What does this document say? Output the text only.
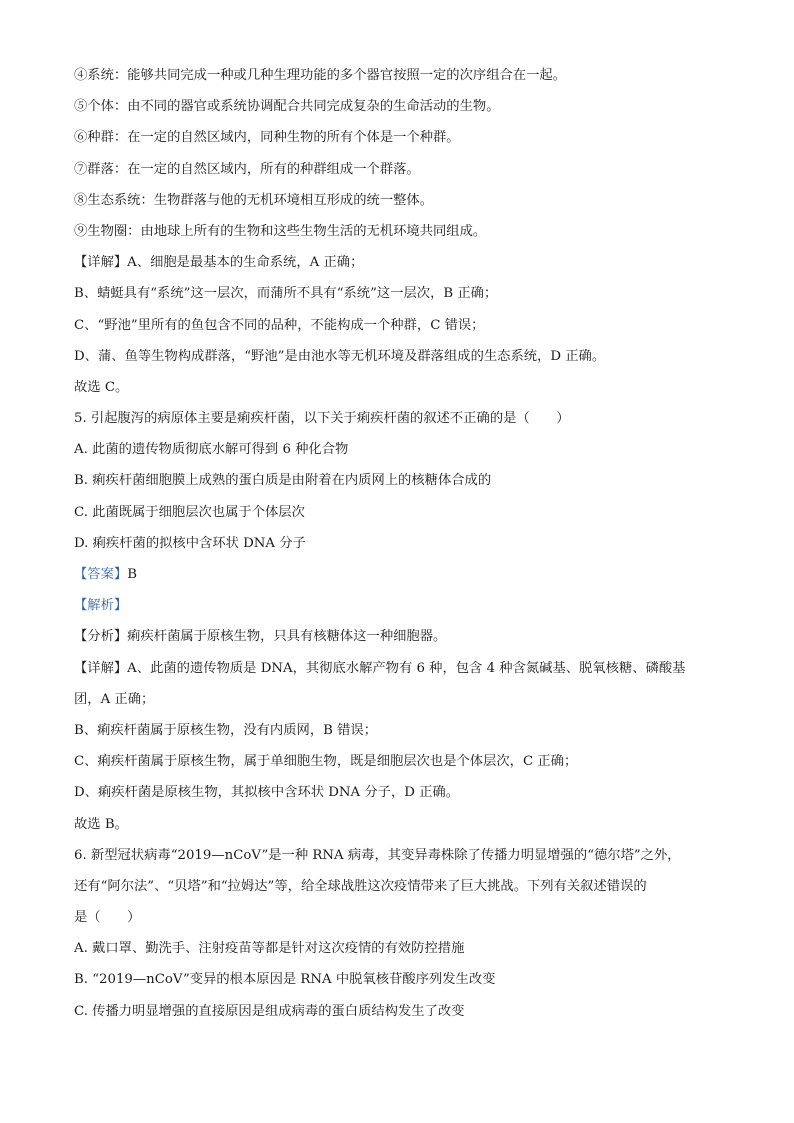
④系统：能够共同完成一种或几种生理功能的多个器官按照一定的次序组合在一起。
⑤个体：由不同的器官或系统协调配合共同完成复杂的生命活动的生物。
⑥种群：在一定的自然区域内，同种生物的所有个体是一个种群。
⑦群落：在一定的自然区域内，所有的种群组成一个群落。
⑧生态系统：生物群落与他的无机环境相互形成的统一整体。
⑨生物圈：由地球上所有的生物和这些生物生活的无机环境共同组成。
【详解】A、细胞是最基本的生命系统，A 正确；
B、蜻蜓具有“系统”这一层次，而蒲所不具有“系统”这一层次，B 正确；
C、“野池”里所有的鱼包含不同的品种，不能构成一个种群，C 错误；
D、蒲、鱼等生物构成群落，“野池”是由池水等无机环境及群落组成的生态系统，D 正确。
故选 C。
5. 引起腹泻的病原体主要是痢疾杆菌，以下关于痢疾杆菌的叙述不正确的是（　　）
A. 此菌的遗传物质彻底水解可得到 6 种化合物
B. 痢疾杆菌细胞膜上成熟的蛋白质是由附着在内质网上的核糖体合成的
C. 此菌既属于细胞层次也属于个体层次
D. 痢疾杆菌的拟核中含环状 DNA 分子
【答案】B
【解析】
【分析】痢疾杆菌属于原核生物，只具有核糖体这一种细胞器。
【详解】A、此菌的遗传物质是 DNA，其彻底水解产物有 6 种，包含 4 种含氮碱基、脱氧核糖、磷酸基
团，A 正确；
B、痢疾杆菌属于原核生物，没有内质网，B 错误；
C、痢疾杆菌属于原核生物，属于单细胞生物，既是细胞层次也是个体层次，C 正确；
D、痢疾杆菌是原核生物，其拟核中含环状 DNA 分子，D 正确。
故选 B。
6. 新型冠状病毒“2019—nCoV”是一种 RNA 病毒，其变异毒株除了传播力明显增强的“德尔塔”之外，
还有“阿尔法”、“贝塔”和“拉姆达”等，给全球战胜这次疫情带来了巨大挑战。下列有关叙述错误的
是（　　）
A. 戴口罩、勤洗手、注射疫苗等都是针对这次疫情的有效防控措施
B. “2019—nCoV”变异的根本原因是 RNA 中脱氧核苷酸序列发生改变
C. 传播力明显增强的直接原因是组成病毒的蛋白质结构发生了改变
